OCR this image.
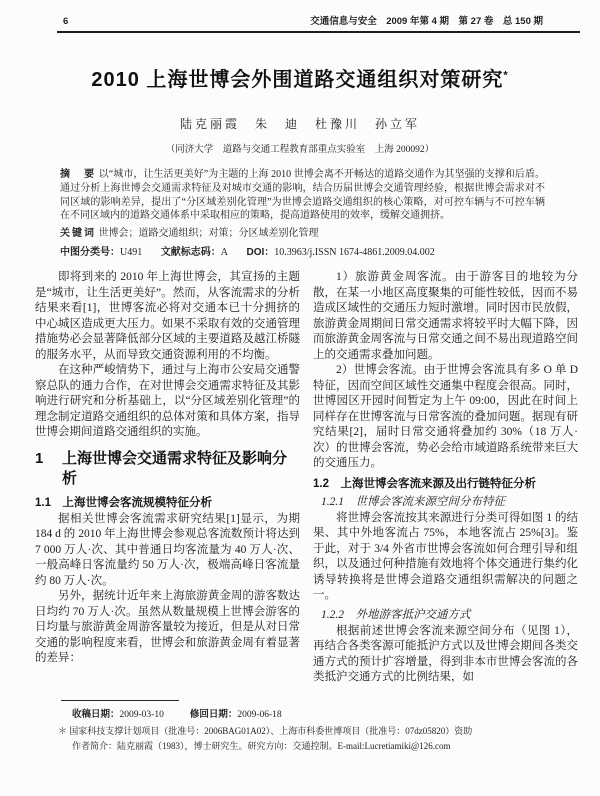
6	交通信息与安全　2009 年第 4 期　第 27 卷　总 150 期
2010 上海世博会外围道路交通组织对策研究*
陆克丽霞　朱　迪　杜豫川　孙立军
（同济大学　道路与交通工程教育部重点实验室　上海 200092）
摘　要 以“城市，让生活更美好”为主题的上海 2010 世博会离不开畅达的道路交通作为其坚强的支撑和后盾。通过分析上海世博会交通需求特征及对城市交通的影响，结合历届世博会交通管理经验，根据世博会需求对不同区域的影响差异，提出了“分区域差别化管理”为世博会道路交通组织的核心策略，对可控车辆与不可控车辆在不同区域内的道路交通体系中采取相应的策略，提高道路使用的效率，缓解交通拥挤。
关键词 世博会；道路交通组织；对策；分区域差别化管理
中图分类号：U491 文献标志码：A DOI：10.3963/j.ISSN 1674-4861.2009.04.002

即将到来的 2010 年上海世博会，其宣扬的主题是“城市，让生活更美好”。然而，从客流需求的分析结果来看[1]，世博客流必将对交通本已十分拥挤的中心城区造成更大压力。如果不采取有效的交通管理措施势必会显著降低部分区域的主要道路及越江桥隧的服务水平，从而导致交通资源利用的不均衡。

在这种严峻情势下，通过与上海市公安局交通警察总队的通力合作，在对世博会交通需求特征及其影响进行研究和分析基础上，以“分区域差别化管理”的理念制定道路交通组织的总体对策和具体方案，指导世博会期间道路交通组织的实施。

1	上海世博会交通需求特征及影响分析
1.1　上海世博会客流规模特征分析

据相关世博会客流需求研究结果[1]显示，为期 184 d 的 2010 年上海世博会参观总客流数预计将达到 7 000 万人·次、其中普通日均客流量为 40 万人·次、一般高峰日客流量约 50 万人·次，极端高峰日客流量约 80 万人·次。

另外，据统计近年来上海旅游黄金周的游客数达日均约 70 万人·次。虽然从数量规模上世博会游客的日均量与旅游黄金周游客量较为接近，但是从对日常交通的影响程度来看，世博会和旅游黄金周有着显著的差异：

1）旅游黄金周客流。由于游客目的地较为分散，在某一小地区高度聚集的可能性较低，因而不易造成区域性的交通压力短时激增。同时因市民放假，旅游黄金周期间日常交通需求将较平时大幅下降，因而旅游黄金周客流与日常交通之间不易出现道路空间上的交通需求叠加问题。

2）世博会客流。由于世博会客流具有多 O 单 D 特征，因而空间区域性交通集中程度会很高。同时，世博园区开园时间暂定为上午 09:00，因此在时间上同样存在世博客流与日常客流的叠加问题。据现有研究结果[2]，届时日常交通将叠加约 30%（18 万人·次）的世博会客流，势必会给市域道路系统带来巨大的交通压力。

1.2　上海世博会客流来源及出行链特征分析
1.2.1　世博会客流来源空间分布特征

将世博会客流按其来源进行分类可得如图 1 的结果、其中外地客流占 75%，本地客流占 25%[3]。鉴于此，对于 3/4 外省市世博会客流如何合理引导和组织，以及通过何种措施有效地将个体交通进行集约化诱导转换将是世博会道路交通组织需解决的问题之一。

1.2.2　外地游客抵沪交通方式

根据前述世博会客流来源空间分布（见图 1），再结合各类客源可能抵沪方式以及世博会期间各类交通方式的预计扩容增量，得到非本市世博会客流的各类抵沪交通方式的比例结果，如

收稿日期：2009-03-10	修回日期：2009-06-18
＊ 国家科技支撑计划项目（批准号：2006BAG01A02）、上海市科委世博项目（批准号：07dz05820）资助
作者简介：陆克丽霞（1983），博士研究生。研究方向：交通控制。E-mail:Lucretiamiki@126.com
